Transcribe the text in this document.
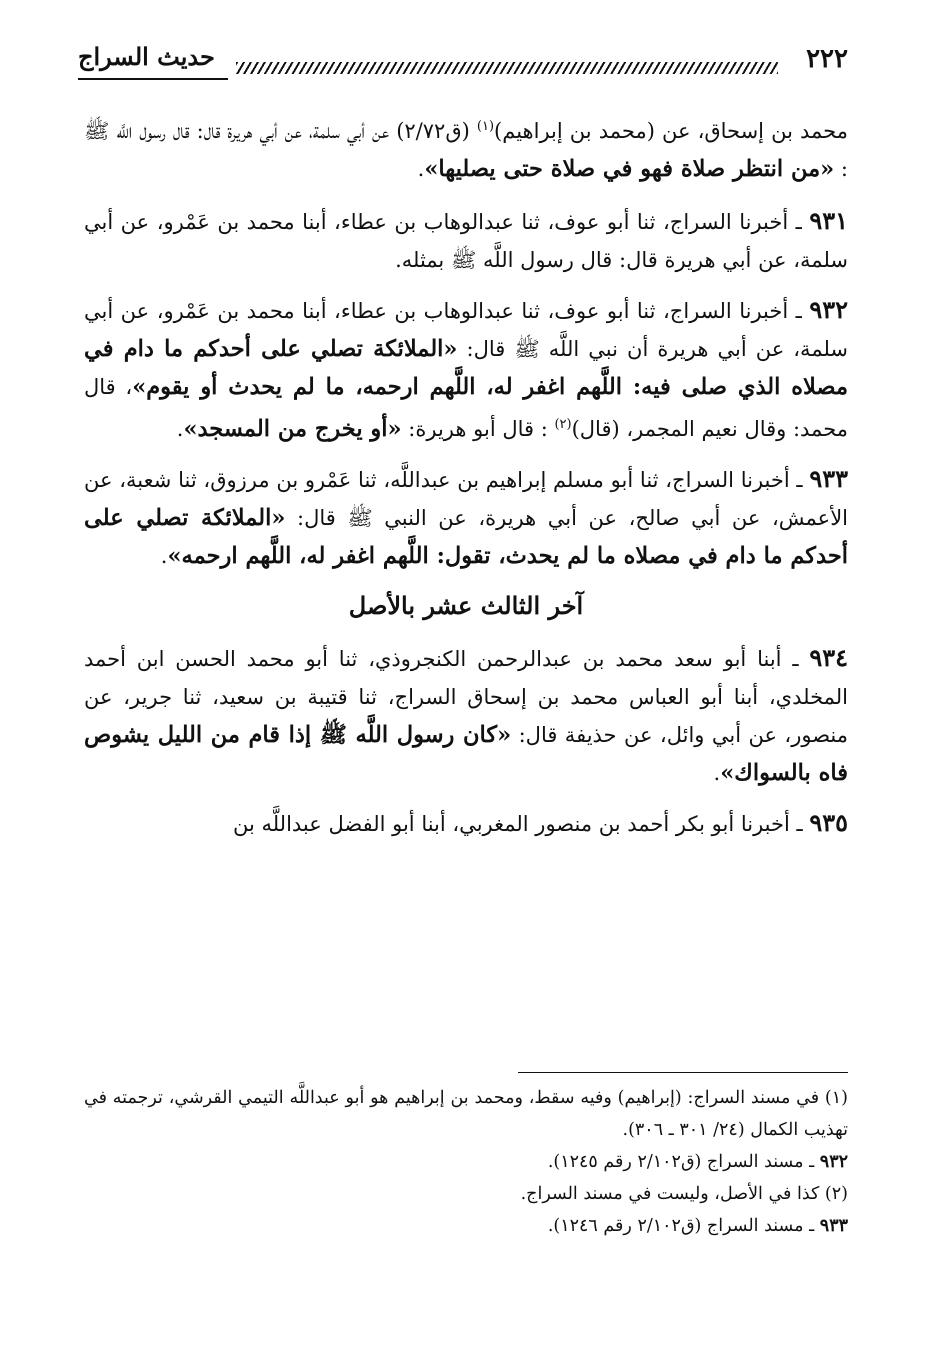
٢٢٢
حديث السراج

محمد بن إسحاق، عن (محمد بن إبراهيم)$^{(١)}$ (ق٢/٧٢) عن أبي سلمة، عن أبي هريرة قال: قال رسول اللَّه ﷺ : «من انتظر صلاة فهو في صلاة حتى يصليها».

٩٣١ ـ أخبرنا السراج، ثنا أبو عوف، ثنا عبدالوهاب بن عطاء، أبنا محمد بن عَمْرو، عن أبي سلمة، عن أبي هريرة قال: قال رسول اللَّه ﷺ بمثله.

٩٣٢ ـ أخبرنا السراج، ثنا أبو عوف، ثنا عبدالوهاب بن عطاء، أبنا محمد بن عَمْرو، عن أبي سلمة، عن أبي هريرة أن نبي اللَّه ﷺ قال: «الملائكة تصلي على أحدكم ما دام في مصلاه الذي صلى فيه: اللَّهم اغفر له، اللَّهم ارحمه، ما لم يحدث أو يقوم»، قال محمد: وقال نعيم المجمر، (قال)$^{(٢)}$ : قال أبو هريرة: «أو يخرج من المسجد».

٩٣٣ ـ أخبرنا السراج، ثنا أبو مسلم إبراهيم بن عبداللَّه، ثنا عَمْرو بن مرزوق، ثنا شعبة، عن الأعمش، عن أبي صالح، عن أبي هريرة، عن النبي ﷺ قال: «الملائكة تصلي على أحدكم ما دام في مصلاه ما لم يحدث، تقول: اللَّهم اغفر له، اللَّهم ارحمه».

آخر الثالث عشر بالأصل

٩٣٤ ـ أبنا أبو سعد محمد بن عبدالرحمن الكنجروذي، ثنا أبو محمد الحسن ابن أحمد المخلدي، أبنا أبو العباس محمد بن إسحاق السراج، ثنا قتيبة بن سعيد، ثنا جرير، عن منصور، عن أبي وائل، عن حذيفة قال: «كان رسول اللَّه ﷺ إذا قام من الليل يشوص فاه بالسواك».

٩٣٥ ـ أخبرنا أبو بكر أحمد بن منصور المغربي، أبنا أبو الفضل عبداللَّه بن

(١) في مسند السراج: (إبراهيم) وفيه سقط، ومحمد بن إبراهيم هو أبو عبداللَّه التيمي القرشي، ترجمته في تهذيب الكمال (٢٤/ ٣٠١ ـ ٣٠٦).

٩٣٢ ـ مسند السراج (ق٢/١٠٢ رقم ١٢٤٥).

(٢) كذا في الأصل، وليست في مسند السراج.

٩٣٣ ـ مسند السراج (ق٢/١٠٢ رقم ١٢٤٦).
